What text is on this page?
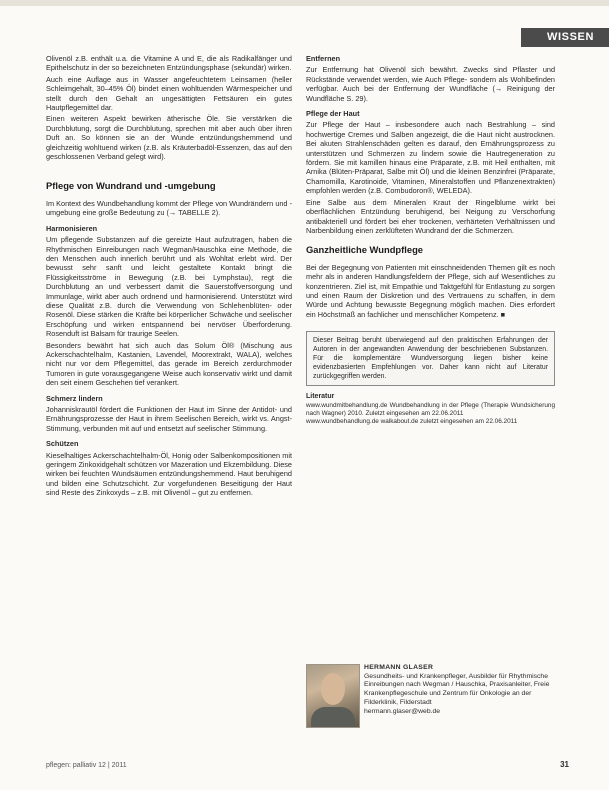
WISSEN

Olivenöl z.B. enthält u.a. die Vitamine A und E, die als Radikalfänger und Epithelschutz in der so bezeichneten Entzündungsphase (sekundär) wirken.

Auch eine Auflage aus in Wasser angefeuchtetem Leinsamen (heller Schleimgehalt, 30–45% Öl) bindet einen wohltuenden Wärmespeicher und stellt durch den Gehalt an ungesättigten Fettsäuren ein gutes Hautpflegemittel dar.

Einen weiteren Aspekt bewirken ätherische Öle. Sie verstärken die Durchblutung, sorgt die Durchblutung, sprechen mit aber auch über ihren Duft an. So können sie an der Wunde entzündungshemmend und gleichzeitig wohltuend wirken (z.B. als Kräuterbadöl-Essenzen, das auf den geschlossenen Verband gelegt wird).

Pflege von Wundrand und -umgebung

Im Kontext des Wundbehandlung kommt der Pflege von Wundrändern und -umgebung eine große Bedeutung zu (→ TABELLE 2).

Harmonisieren

Um pflegende Substanzen auf die gereizte Haut aufzutragen, haben die Rhythmischen Einreibungen nach Wegman/Hauschka eine Methode, die den Menschen auch innerlich berührt und als Wohltat erlebt wird. Der bewusst sehr sanft und leicht gestaltete Kontakt bringt die Flüssigkeitsströme in Bewegung (z.B. bei Lymphstau), regt die Durchblutung an und verbessert damit die Sauerstoffversorgung und Immunlage, wirkt aber auch ordnend und harmonisierend. Unterstützt wird diese Qualität z.B. durch die Verwendung von Schlehenblüten- oder Rosenöl. Diese stärken die Kräfte bei körperlicher Schwäche und seelischer Erschöpfung und wirken entspannend bei nervöser Überforderung. Rosenduft ist Balsam für traurige Seelen.

Besonders bewährt hat sich auch das Solum Öl® (Mischung aus Ackerschachtelhalm, Kastanien, Lavendel, Moorextrakt, WALA), welches nicht nur vor dem Pflegemittel, das gerade im Bereich zerdurchmoder Tumoren in gute vorausgegangene Weise auch konservativ wirkt und damit den seit einem Geschehen tief verankert.

Schmerz lindern

Johanniskrautöl fördert die Funktionen der Haut im Sinne der Antidot- und Ernährungsprozesse der Haut in ihrem Seelischen Bereich, wirkt vs. Angst-Stimmung, verbunden mit auf und entsetzt auf seelischer Stimmung.

Schützen

Kieselhaltiges Ackerschachtelhalm-Öl, Honig oder Salbenkompositionen mit geringem Zinkoxidgehalt schützen vor Mazeration und Ekzembildung. Diese wirken bei feuchten Wundsäumen entzündungshemmend. Haut beruhigend und bilden eine Schutzschicht. Zur vorgefundenen Beseitigung der Haut sind Reste des Zinkoxyds – z.B. mit Olivenöl – gut zu entfernen.

Entfernen

Zur Entfernung hat Olivenöl sich bewährt. Zwecks sind Pflaster und Rückstände verwendet werden, wie Auch Pflege- sondern als Wohlbefinden verfügbar. Auch bei der Entfernung der Wundfläche (→ Reinigung der Wundfläche S. 29).

Pflege der Haut

Zur Pflege der Haut – insbesondere auch nach Bestrahlung – sind hochwertige Cremes und Salben angezeigt, die die Haut nicht austrocknen. Bei akuten Strahlenschäden gelten es darauf, den Ernährungsprozess zu unterstützen und Schmerzen zu lindern sowie die Hautregeneration zu fördern. Sie mit kamillen hinaus eine Präparate, z.B. mit Heil enthalten, mit Arnika (Blüten-Präparat, Salbe mit Öl) und die kleinen Benzinfrei (Präparate, Chamomilla, Karotinoide, Vitaminen, Mineralstoffen und Pflanzenextrakten) empfohlen werden (z.B. Combudoron®, WELEDA).

Eine Salbe aus dem Mineralen Kraut der Ringelblume wirkt bei oberflächlichen Entzündung beruhigend, bei Neigung zu Verschorfung antibakteriell und fördert bei eher trockenen, verhärteten Verhältnissen und Narbenbildung einen zerklüfteten Wundrand der die Schmerzen.

Ganzheitliche Wundpflege

Bei der Begegnung von Patienten mit einschneidenden Themen gilt es noch mehr als in anderen Handlungsfeldern der Pflege, sich auf Wesentliches zu konzentrieren. Ziel ist, mit Empathie und Taktgefühl für Entlastung zu sorgen und einen Raum der Diskretion und des Vertrauens zu schaffen, in dem Würde und Achtung bewusste Begegnung möglich machen. Dies erfordert ein Höchstmaß an fachlicher und menschlicher Kompetenz. ■

Dieser Beitrag beruht überwiegend auf den praktischen Erfahrungen der Autoren in der angewandten Anwendung der beschriebenen Substanzen. Für die komplementäre Wundversorgung liegen bisher keine evidenzbasierten Empfehlungen vor. Daher kann nicht auf Literatur zurückgegriffen werden.
Literatur
www.wundmitbehandlung.de Wundbehandlung in der Pflege (Therapie Wundsicherung nach Wagner) 2010. Zuletzt eingesehen am 22.06.2011
www.wundbehandlung.de walkabout.de zuletzt eingesehen am 22.06.2011
HERMANN GLASER
Gesundheits- und Krankenpfleger, Ausbilder für Rhythmische Einreibungen nach Wegman / Hauschka, Praxisanleiter, Freie Krankenpflegeschule und Zentrum für Onkologie an der Filderklinik, Filderstadt
hermann.glaser@web.de
pflegen: palliativ 12 | 2011	31
